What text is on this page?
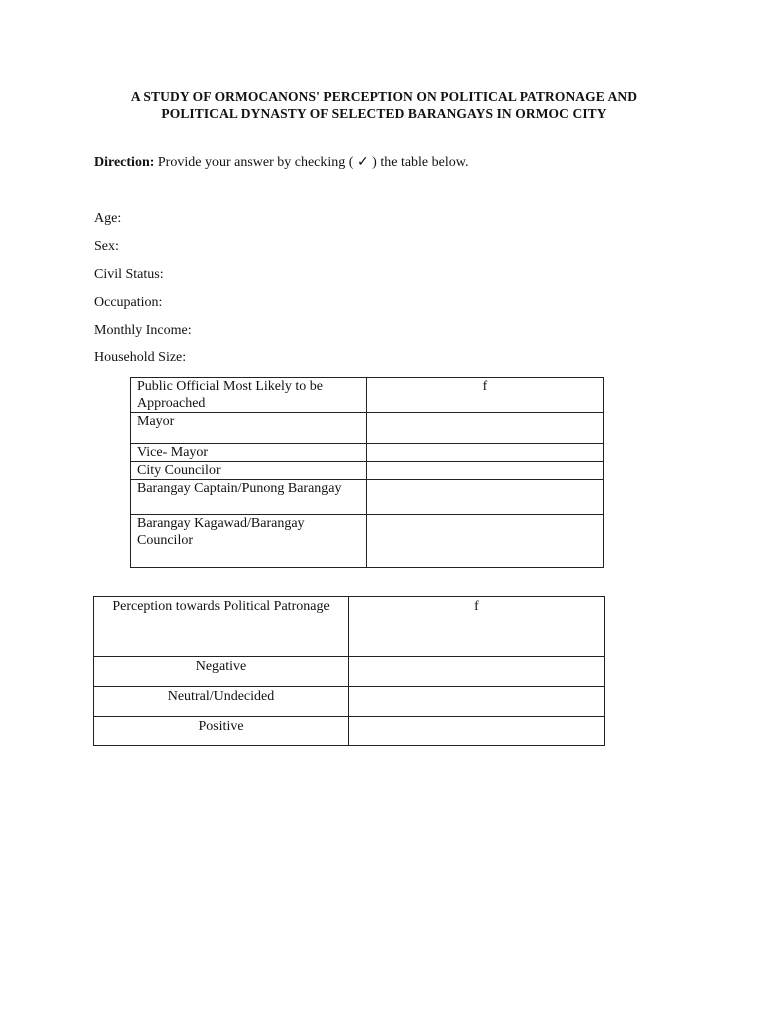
A STUDY OF ORMOCANONS' PERCEPTION ON POLITICAL PATRONAGE AND
POLITICAL DYNASTY OF SELECTED BARANGAYS IN ORMOC CITY
Direction: Provide your answer by checking ( ✓ ) the table below.
Age:
Sex:
Civil Status:
Occupation:
Monthly Income:
Household Size:
Public Official Most Likely to be Approached	f
Mayor	
Vice- Mayor	
City Councilor	
Barangay Captain/Punong Barangay	
Barangay Kagawad/Barangay Councilor	
Perception towards Political Patronage	f
Negative	
Neutral/Undecided	
Positive	
